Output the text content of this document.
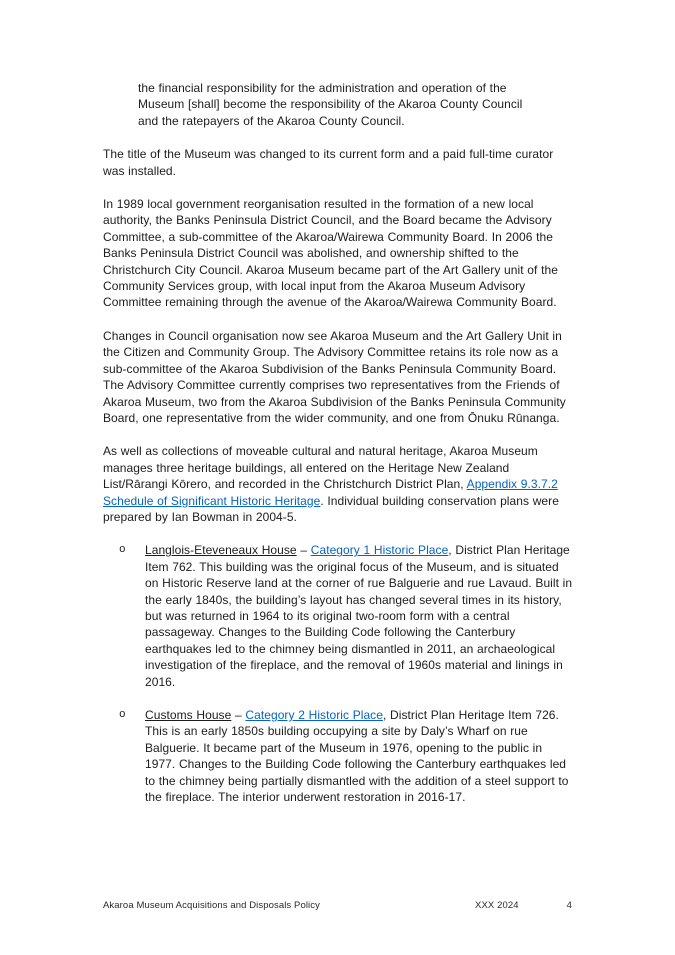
the financial responsibility for the administration and operation of the Museum [shall] become the responsibility of the Akaroa County Council and the ratepayers of the Akaroa County Council.
The title of the Museum was changed to its current form and a paid full-time curator was installed.
In 1989 local government reorganisation resulted in the formation of a new local authority, the Banks Peninsula District Council, and the Board became the Advisory Committee, a sub-committee of the Akaroa/Wairewa Community Board. In 2006 the Banks Peninsula District Council was abolished, and ownership shifted to the Christchurch City Council. Akaroa Museum became part of the Art Gallery unit of the Community Services group, with local input from the Akaroa Museum Advisory Committee remaining through the avenue of the Akaroa/Wairewa Community Board.
Changes in Council organisation now see Akaroa Museum and the Art Gallery Unit in the Citizen and Community Group. The Advisory Committee retains its role now as a sub-committee of the Akaroa Subdivision of the Banks Peninsula Community Board. The Advisory Committee currently comprises two representatives from the Friends of Akaroa Museum, two from the Akaroa Subdivision of the Banks Peninsula Community Board, one representative from the wider community, and one from Ōnuku Rūnanga.
As well as collections of moveable cultural and natural heritage, Akaroa Museum manages three heritage buildings, all entered on the Heritage New Zealand List/Rārangi Kōrero, and recorded in the Christchurch District Plan, Appendix 9.3.7.2 Schedule of Significant Historic Heritage. Individual building conservation plans were prepared by Ian Bowman in 2004-5.
o	Langlois-Eteveneaux House – Category 1 Historic Place, District Plan Heritage Item 762. This building was the original focus of the Museum, and is situated on Historic Reserve land at the corner of rue Balguerie and rue Lavaud. Built in the early 1840s, the building’s layout has changed several times in its history, but was returned in 1964 to its original two-room form with a central passageway. Changes to the Building Code following the Canterbury earthquakes led to the chimney being dismantled in 2011, an archaeological investigation of the fireplace, and the removal of 1960s material and linings in 2016.
o	Customs House – Category 2 Historic Place, District Plan Heritage Item 726. This is an early 1850s building occupying a site by Daly’s Wharf on rue Balguerie. It became part of the Museum in 1976, opening to the public in 1977. Changes to the Building Code following the Canterbury earthquakes led to the chimney being partially dismantled with the addition of a steel support to the fireplace. The interior underwent restoration in 2016-17.
Akaroa Museum Acquisitions and Disposals Policy	XXX 2024	4
